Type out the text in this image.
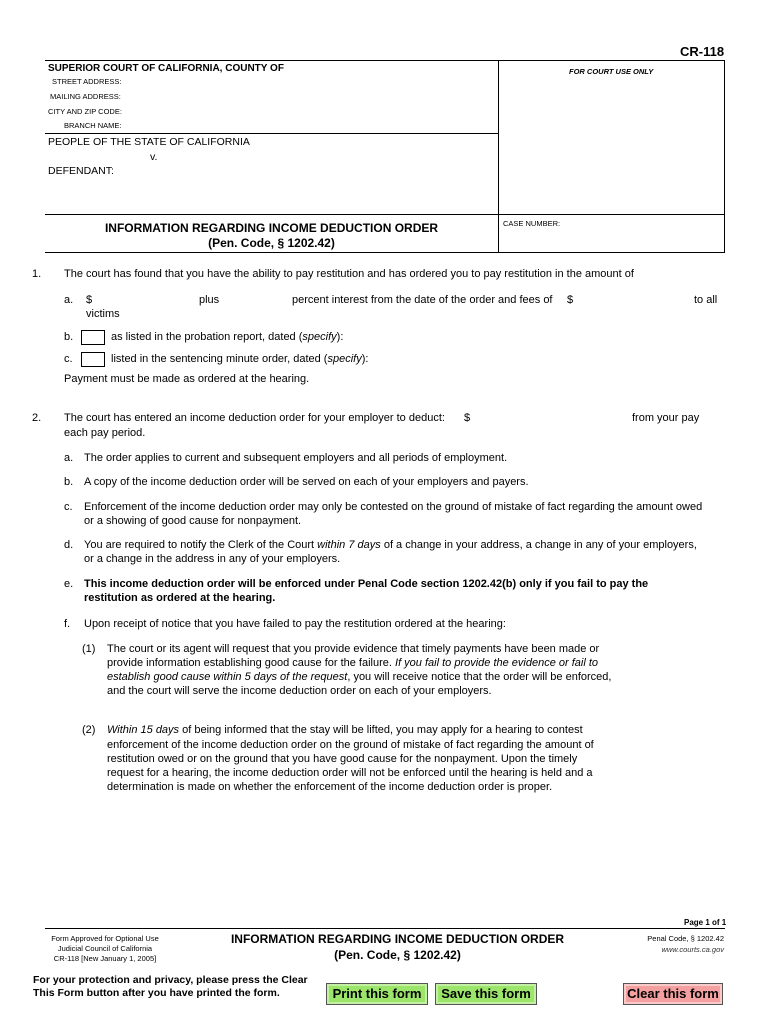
CR-118
SUPERIOR COURT OF CALIFORNIA, COUNTY OF
STREET ADDRESS:
MAILING ADDRESS:
CITY AND ZIP CODE:
BRANCH NAME:
FOR COURT USE ONLY
PEOPLE OF THE STATE OF CALIFORNIA
v.
DEFENDANT:
INFORMATION REGARDING INCOME DEDUCTION ORDER
(Pen. Code, § 1202.42)
CASE NUMBER:
1. The court has found that you have the ability to pay restitution and has ordered you to pay restitution in the amount of
a. $	plus	percent interest from the date of the order and fees of $	to all
victims
b.	as listed in the probation report, dated (specify):
c.	listed in the sentencing minute order, dated (specify):
Payment must be made as ordered at the hearing.
2. The court has entered an income deduction order for your employer to deduct: $	from your pay
each pay period.
a. The order applies to current and subsequent employers and all periods of employment.
b. A copy of the income deduction order will be served on each of your employers and payers.
c. Enforcement of the income deduction order may only be contested on the ground of mistake of fact regarding the amount owed
or a showing of good cause for nonpayment.
d. You are required to notify the Clerk of the Court within 7 days of a change in your address, a change in any of your employers,
or a change in the address in any of your employers.
e. This income deduction order will be enforced under Penal Code section 1202.42(b) only if you fail to pay the
restitution as ordered at the hearing.
f. Upon receipt of notice that you have failed to pay the restitution ordered at the hearing:
(1) The court or its agent will request that you provide evidence that timely payments have been made or
provide information establishing good cause for the failure. If you fail to provide the evidence or fail to
establish good cause within 5 days of the request, you will receive notice that the order will be enforced,
and the court will serve the income deduction order on each of your employers.
(2) Within 15 days of being informed that the stay will be lifted, you may apply for a hearing to contest
enforcement of the income deduction order on the ground of mistake of fact regarding the amount of
restitution owed or on the ground that you have good cause for the nonpayment. Upon the timely
request for a hearing, the income deduction order will not be enforced until the hearing is held and a
determination is made on whether the enforcement of the income deduction order is proper.
Page 1 of 1
Form Approved for Optional Use
Judicial Council of California
CR-118 [New January 1, 2005]
INFORMATION REGARDING INCOME DEDUCTION ORDER
(Pen. Code, § 1202.42)
Penal Code, § 1202.42
www.courts.ca.gov
For your protection and privacy, please press the Clear
This Form button after you have printed the form.	Print this form	Save this form	Clear this form
